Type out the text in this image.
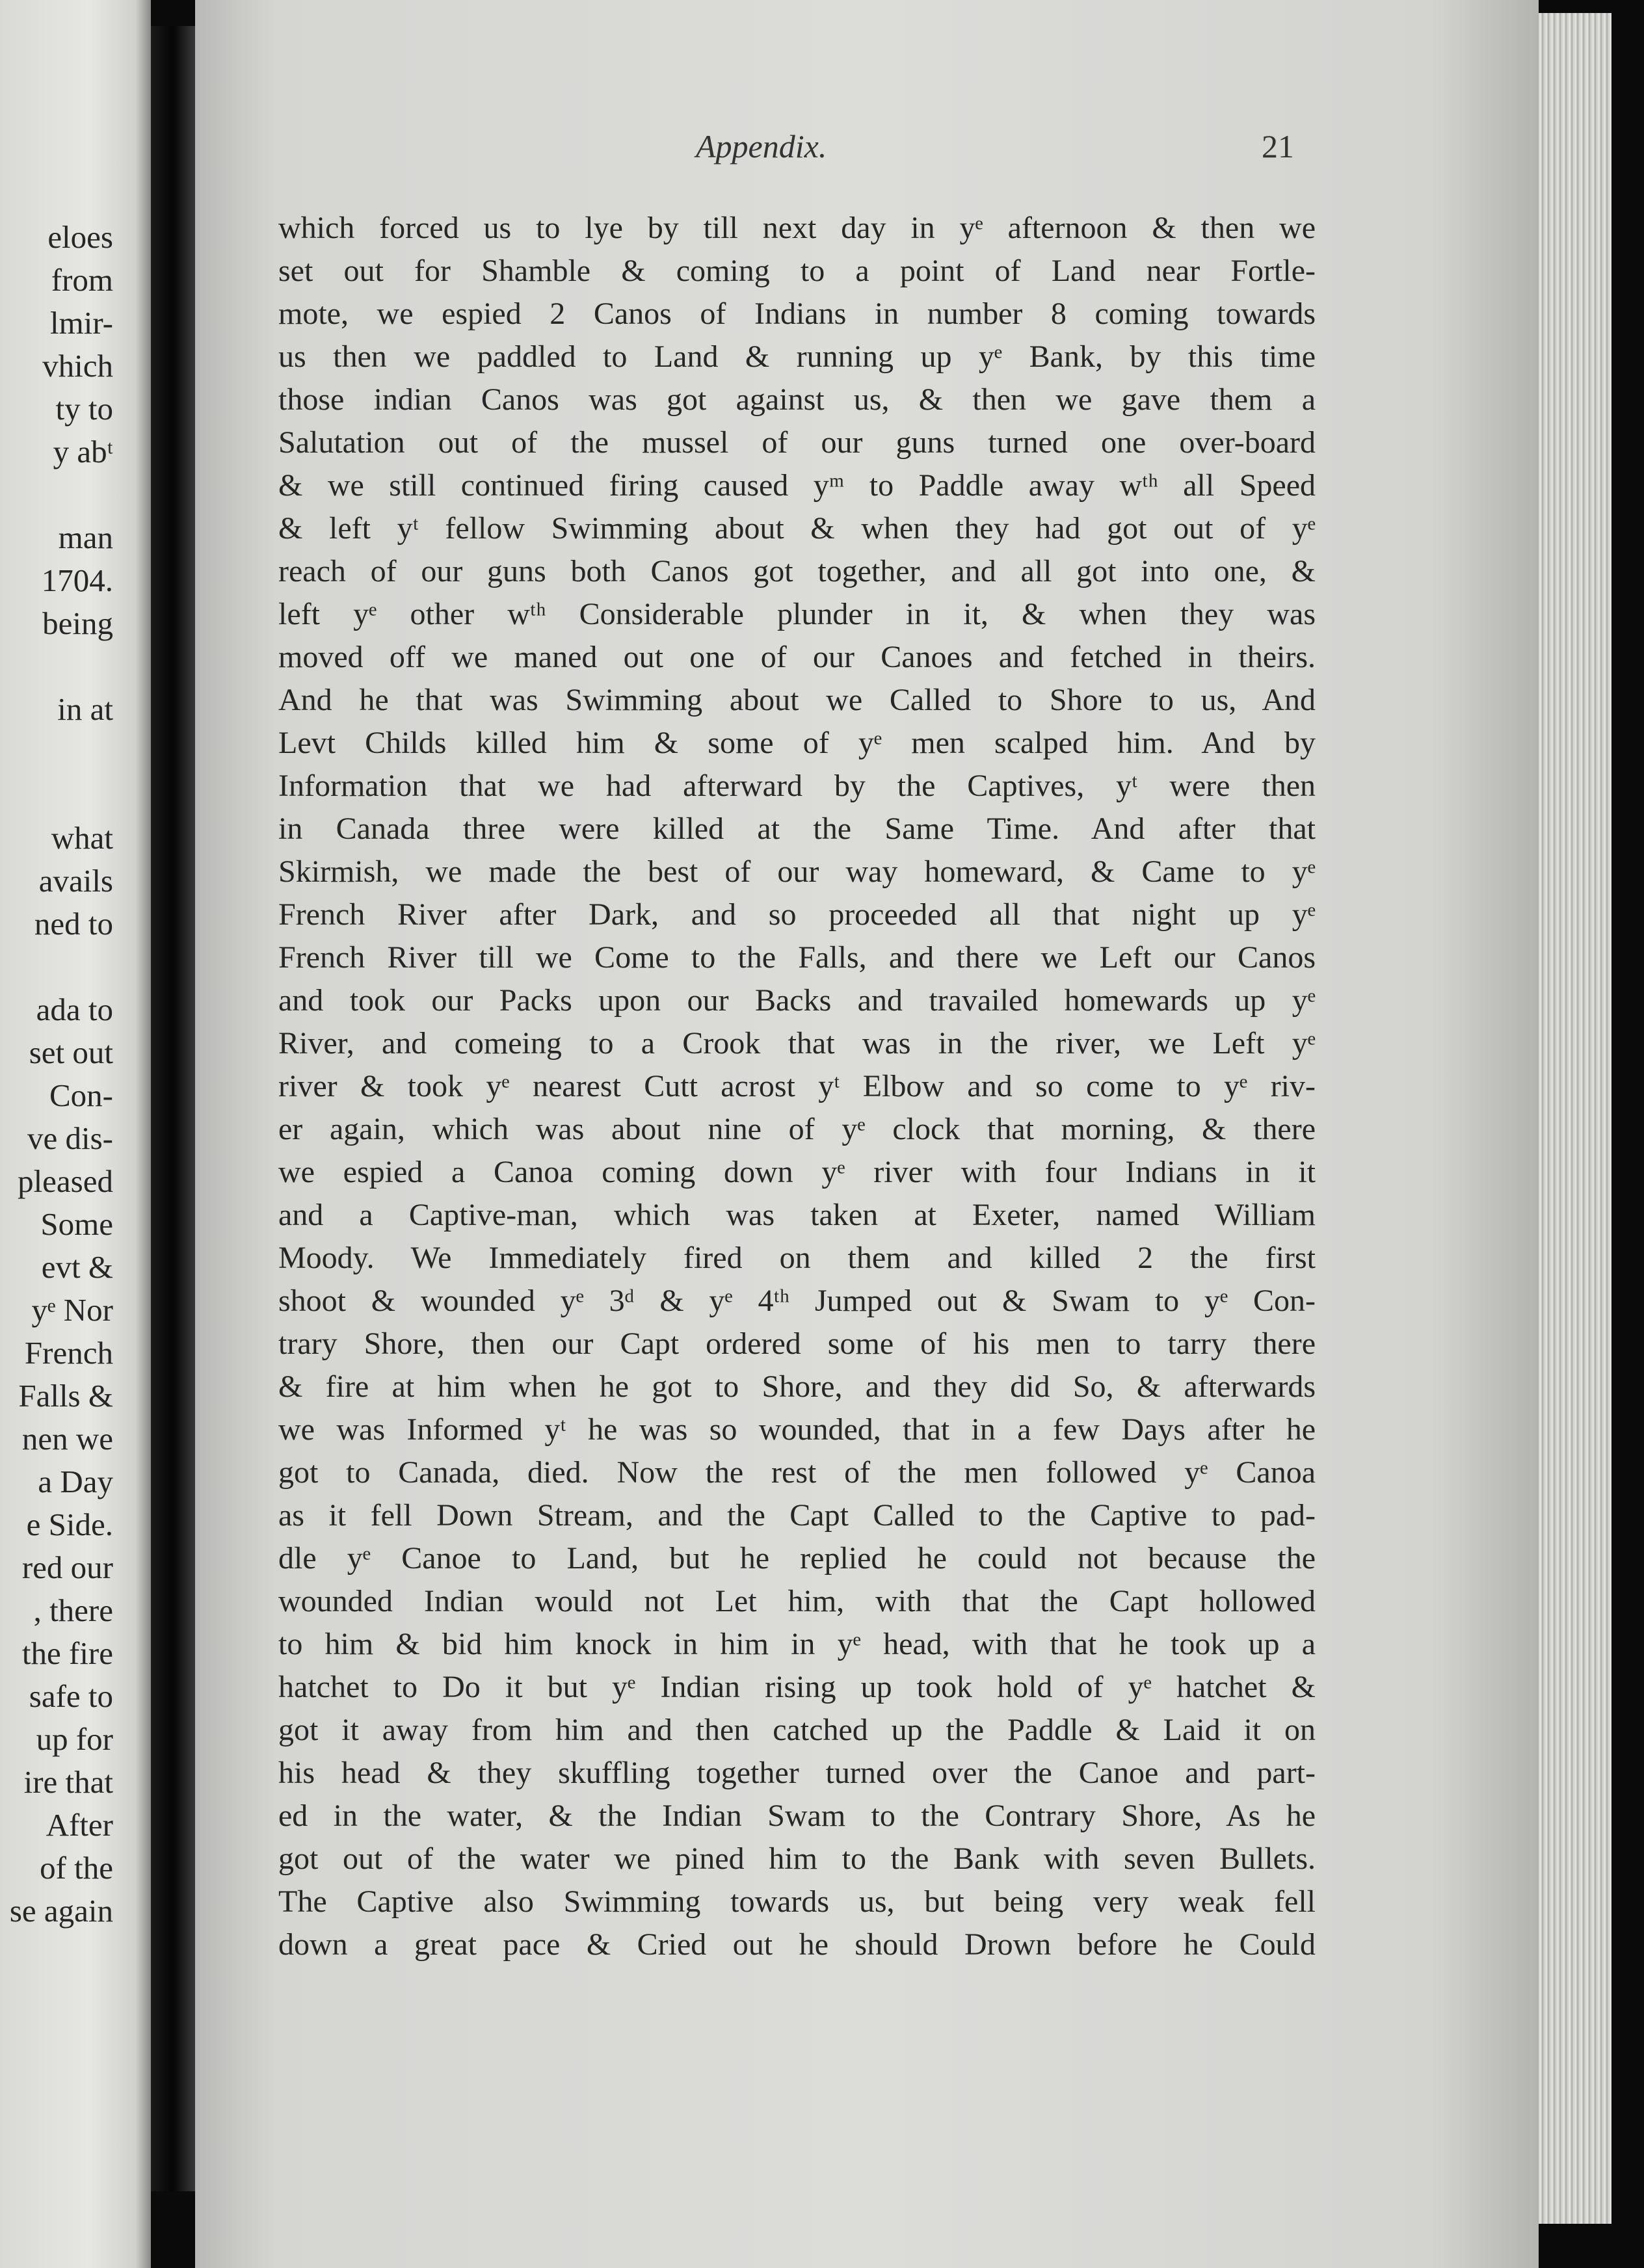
eloes
from
lmir-
vhich
ty to
y abᵗ
man
1704.
being
in at
what
avails
ned to
ada to
set out
Con-
ve dis-
pleased
Some
evt &
yᵉ Nor
French
Falls &
nen we
a Day
e Side.
red our
, there
the fire
safe to
up for
ire that
After
of the
se again
Appendix.	21
which forced us to lye by till next day in yᵉ afternoon & then we
set out for Shamble & coming to a point of Land near Fortle-
mote, we espied 2 Canos of Indians in number 8 coming towards
us then we paddled to Land & running up yᵉ Bank, by this time
those indian Canos was got against us, & then we gave them a
Salutation out of the mussel of our guns turned one over-board
& we still continued firing caused yᵐ to Paddle away wᵗʰ all Speed
& left yᵗ fellow Swimming about & when they had got out of yᵉ
reach of our guns both Canos got together, and all got into one, &
left yᵉ other wᵗʰ Considerable plunder in it, & when they was
moved off we maned out one of our Canoes and fetched in theirs.
And he that was Swimming about we Called to Shore to us, And
Levt Childs killed him & some of yᵉ men scalped him. And by
Information that we had afterward by the Captives, yᵗ were then
in Canada three were killed at the Same Time. And after that
Skirmish, we made the best of our way homeward, & Came to yᵉ
French River after Dark, and so proceeded all that night up yᵉ
French River till we Come to the Falls, and there we Left our Canos
and took our Packs upon our Backs and travailed homewards up yᵉ
River, and comeing to a Crook that was in the river, we Left yᵉ
river & took yᵉ nearest Cutt acrost yᵗ Elbow and so come to yᵉ riv-
er again, which was about nine of yᵉ clock that morning, & there
we espied a Canoa coming down yᵉ river with four Indians in it
and a Captive-man, which was taken at Exeter, named William
Moody. We Immediately fired on them and killed 2 the first
shoot & wounded yᵉ 3ᵈ & yᵉ 4ᵗʰ Jumped out & Swam to yᵉ Con-
trary Shore, then our Capt ordered some of his men to tarry there
& fire at him when he got to Shore, and they did So, & afterwards
we was Informed yᵗ he was so wounded, that in a few Days after he
got to Canada, died. Now the rest of the men followed yᵉ Canoa
as it fell Down Stream, and the Capt Called to the Captive to pad-
dle yᵉ Canoe to Land, but he replied he could not because the
wounded Indian would not Let him, with that the Capt hollowed
to him & bid him knock in him in yᵉ head, with that he took up a
hatchet to Do it but yᵉ Indian rising up took hold of yᵉ hatchet &
got it away from him and then catched up the Paddle & Laid it on
his head & they skuffling together turned over the Canoe and part-
ed in the water, & the Indian Swam to the Contrary Shore, As he
got out of the water we pined him to the Bank with seven Bullets.
The Captive also Swimming towards us, but being very weak fell
down a great pace & Cried out he should Drown before he Could
